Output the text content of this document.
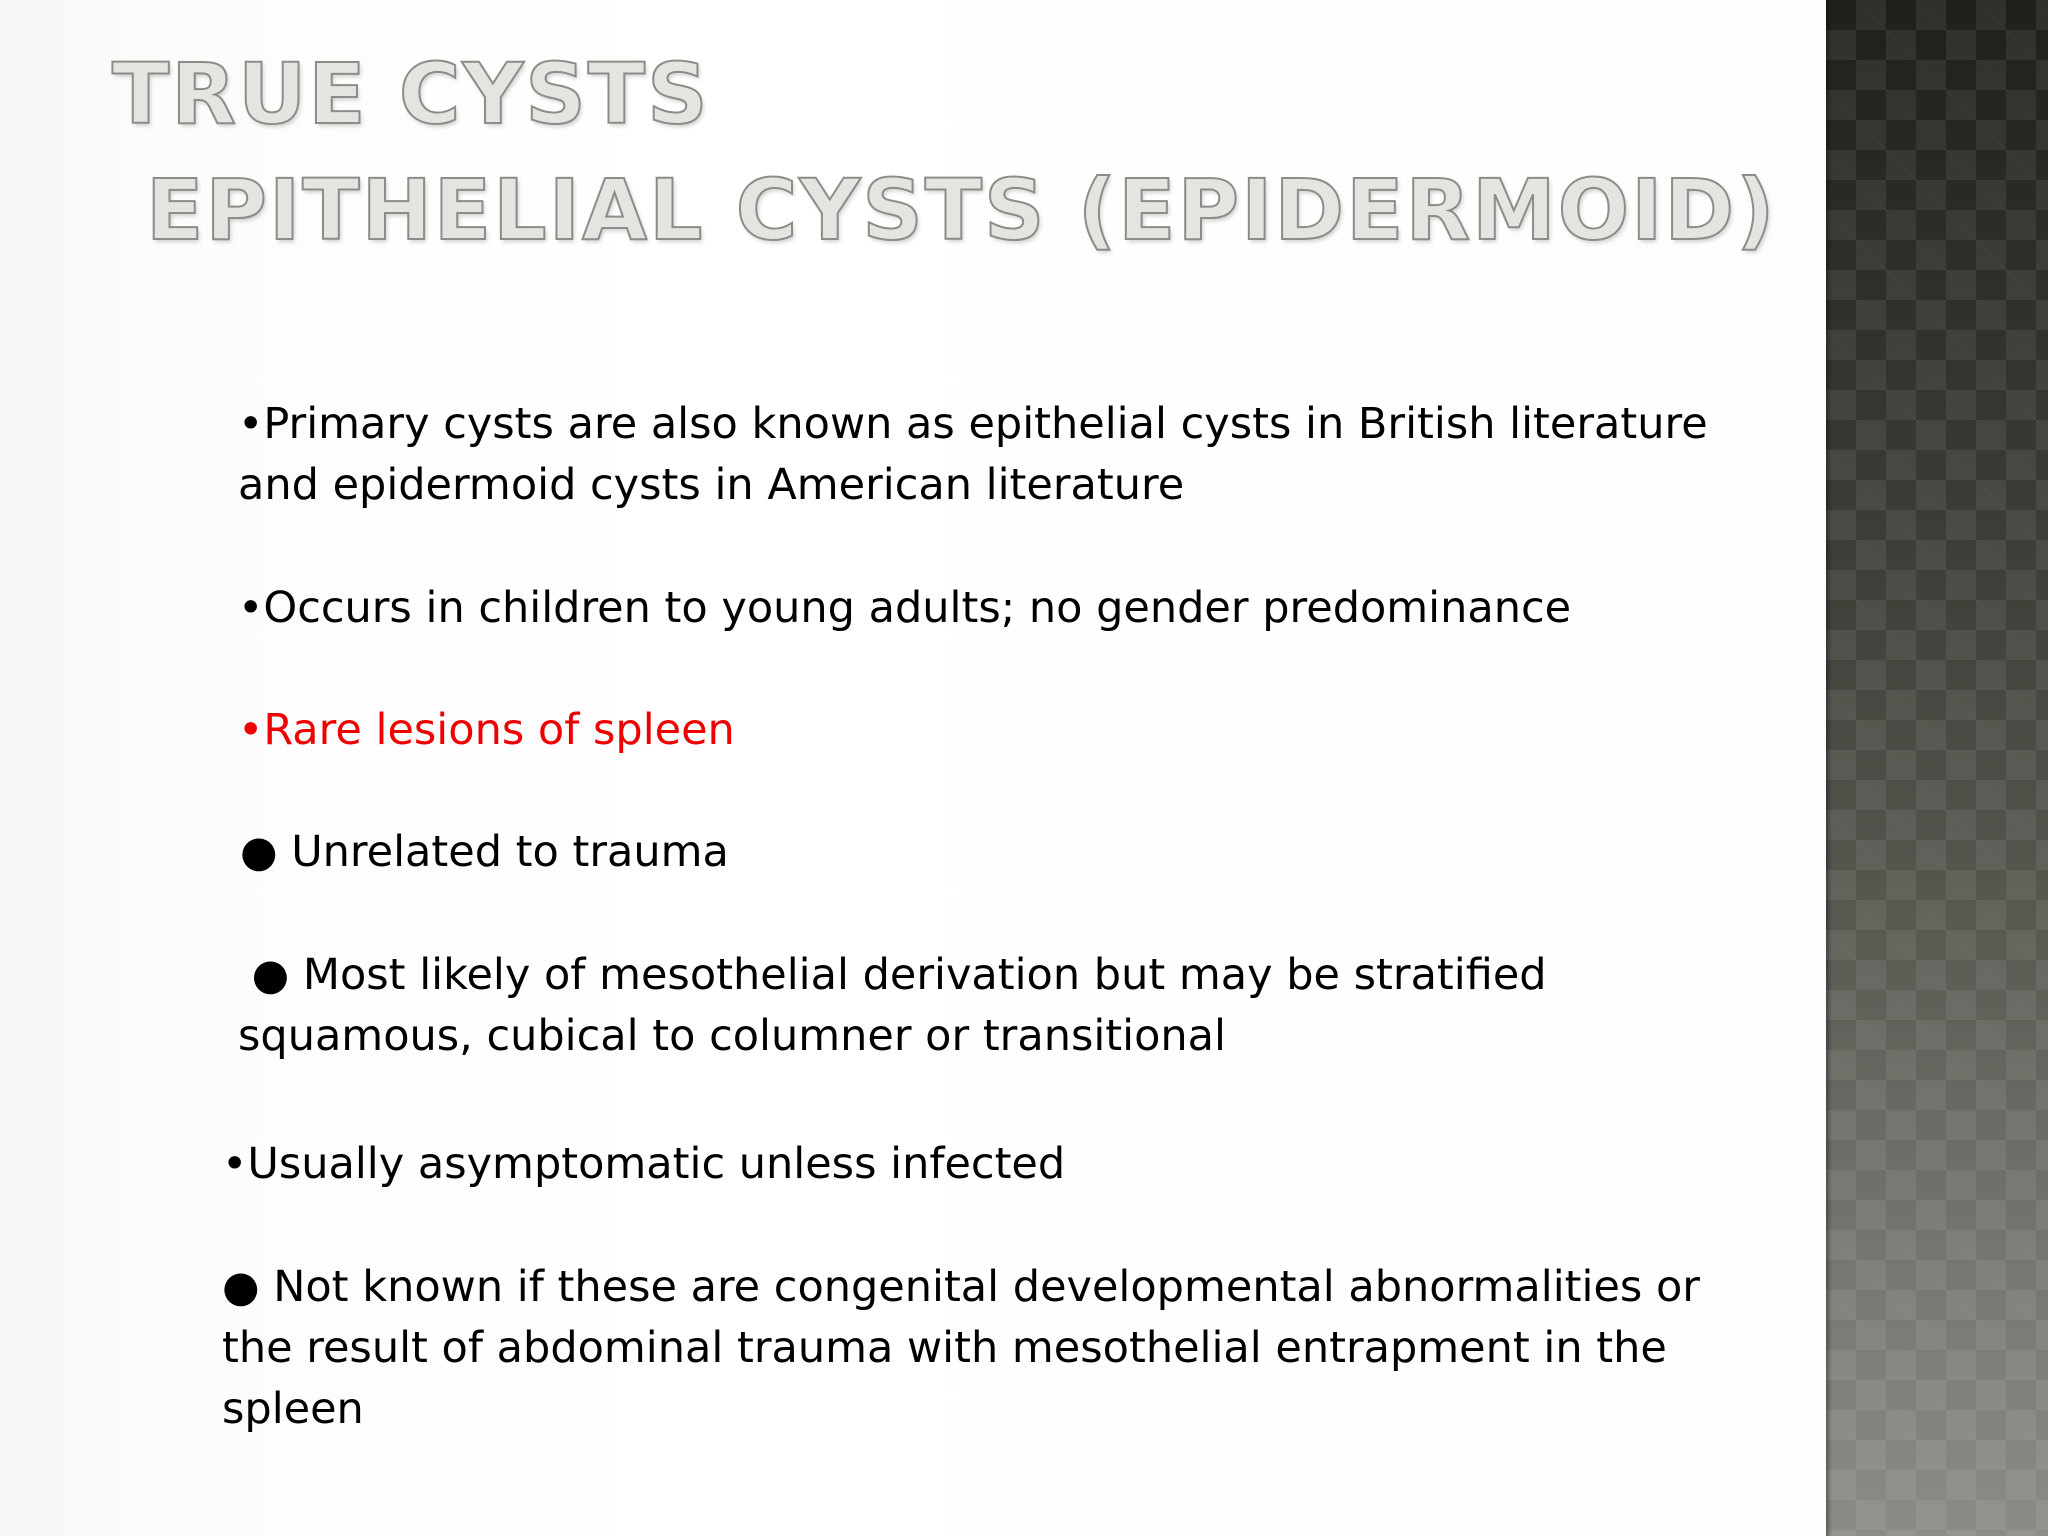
TRUE CYSTS
EPITHELIAL CYSTS (EPIDERMOID)

•Primary cysts are also known as epithelial cysts in British literature
and epidermoid cysts in American literature

•Occurs in children to young adults; no gender predominance

•Rare lesions of spleen

● Unrelated to trauma

● Most likely of mesothelial derivation but may be stratified
squamous, cubical to columner or transitional

•Usually asymptomatic unless infected

● Not known if these are congenital developmental abnormalities or
the result of abdominal trauma with mesothelial entrapment in the
spleen
